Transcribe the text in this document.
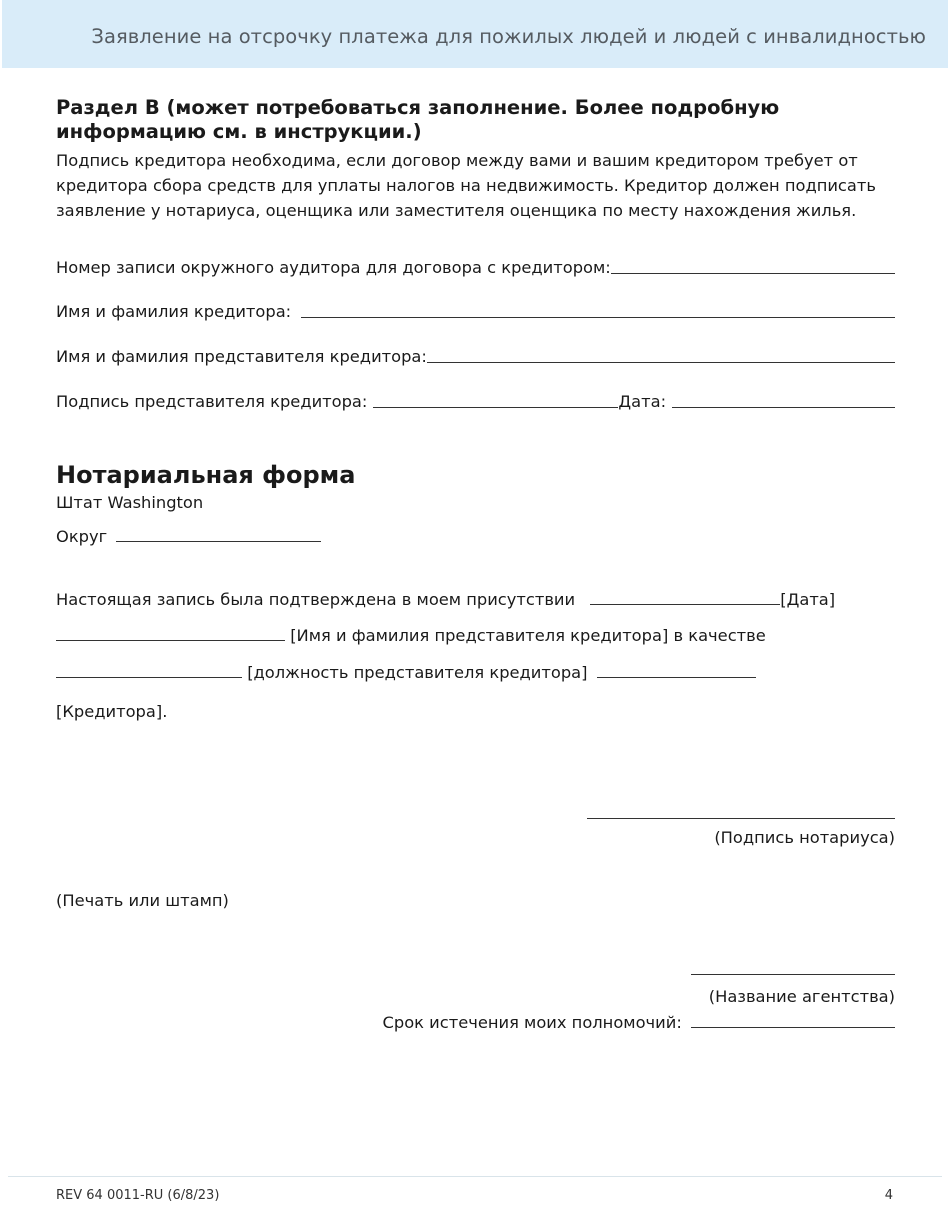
Заявление на отсрочку платежа для пожилых людей и людей с инвалидностью
Раздел B (может потребоваться заполнение. Более подробную информацию см. в инструкции.)
Подпись кредитора необходима, если договор между вами и вашим кредитором требует от кредитора сбора средств для уплаты налогов на недвижимость. Кредитор должен подписать заявление у нотариуса, оценщика или заместителя оценщика по месту нахождения жилья.
Номер записи окружного аудитора для договора с кредитором:
Имя и фамилия кредитора:
Имя и фамилия представителя кредитора:
Подпись представителя кредитора:	Дата:
Нотариальная форма
Штат Washington
Округ
Настоящая запись была подтверждена в моем присутствии	[Дата]
[Имя и фамилия представителя кредитора] в качестве
[должность представителя кредитора]
[Кредитора].
(Подпись нотариуса)
(Печать или штамп)
(Название агентства)
Срок истечения моих полномочий:
REV 64 0011-RU (6/8/23)	4
